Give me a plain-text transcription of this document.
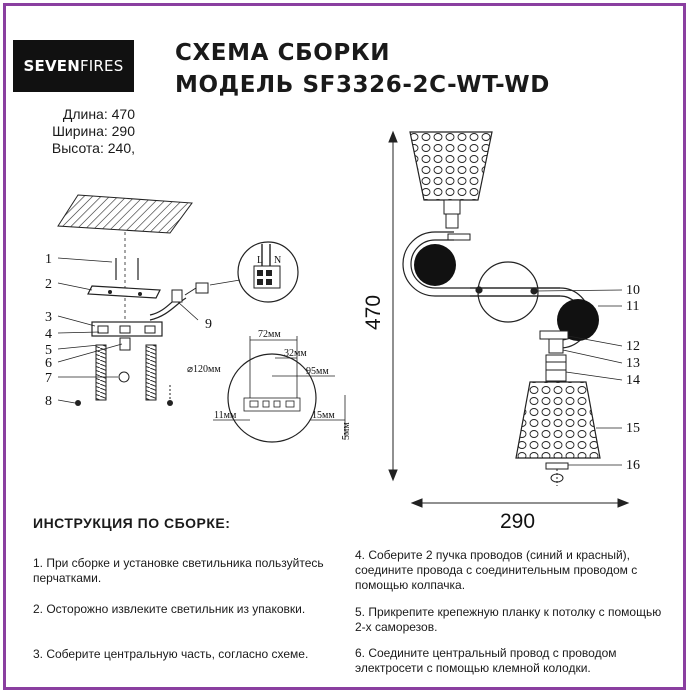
SEVEN FIRES СХЕМА СБОРКИ
МОДЕЛЬ SF3326-2C-WT-WD
Длина: 470
Ширина: 290
Высота: 240,
1
2
3
4
5
6
7
8
9
L N
72мм
32мм
⌀120мм	95мм
11мм	15мм
5мм
470
290
10
11
12
13
14
15
16
ИНСТРУКЦИЯ ПО СБОРКЕ:
1. При сборке и установке светильника пользуйтесь перчатками.
2. Осторожно извлеките светильник из упаковки.
3. Соберите центральную часть, согласно схеме.
4. Соберите 2 пучка проводов (синий и красный), соедините провода с соединительным проводом с помощью колпачка.
5. Прикрепите крепежную планку к потолку с помощью 2-х саморезов.
6. Соедините центральный провод с проводом электросети с помощью клемной колодки.
